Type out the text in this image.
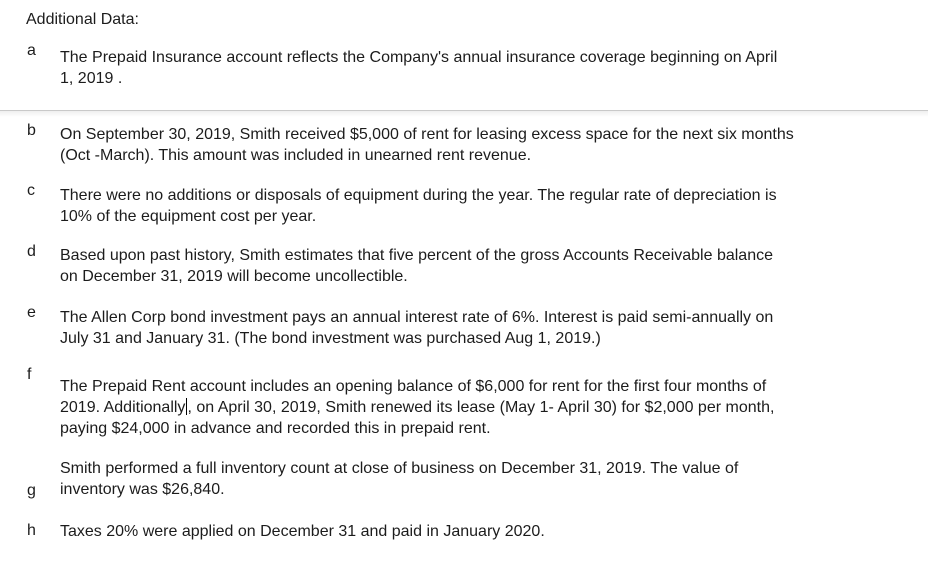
Additional Data:
a	The Prepaid Insurance account reflects the Company's annual insurance coverage beginning on April
1, 2019 .
b	On September 30, 2019, Smith received $5,000 of rent for leasing excess space for the next six months
(Oct -March). This amount was included in unearned rent revenue.
c	There were no additions or disposals of equipment during the year. The regular rate of depreciation is
10% of the equipment cost per year.
d	Based upon past history, Smith estimates that five percent of the gross Accounts Receivable balance
on December 31, 2019 will become uncollectible.
e	The Allen Corp bond investment pays an annual interest rate of 6%. Interest is paid semi-annually on
July 31 and January 31. (The bond investment was purchased Aug 1, 2019.)
f
The Prepaid Rent account includes an opening balance of $6,000 for rent for the first four months of
2019. Additionally , on April 30, 2019, Smith renewed its lease (May 1- April 30) for $2,000 per month,
paying $24,000 in advance and recorded this in prepaid rent.
Smith performed a full inventory count at close of business on December 31, 2019. The value of
inventory was $26,840.
g
h	Taxes 20% were applied on December 31 and paid in January 2020.
